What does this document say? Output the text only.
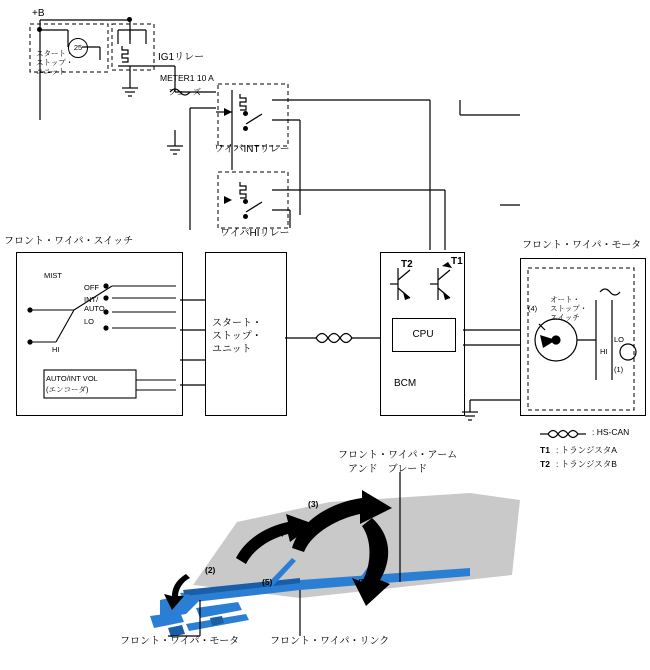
+B
25
IG1リレー
スタート・
ストップ・
ユニット
METER1 10 A
フューズ
ワイパINTリレー
ワイパHIリレー
フロント・ワイパ・スイッチ
MIST
OFF
INT/
AUTO
LO
HI
AUTO/INT VOL
(エンコーダ)
スタート・
ストップ・
ユニット
CPU
BCM
T2	T1
フロント・ワイパ・モータ
オート・
ストップ・
スイッチ
(4)
LO
HI
(1)
: HS-CAN
T1 : トランジスタA
T2 : トランジスタB
フロント・ワイパ・アーム
アンド　ブレード
(3)
(3)
(2)
(5)	(5)
フロント・ワイパ・モータ	フロント・ワイパ・リンク
